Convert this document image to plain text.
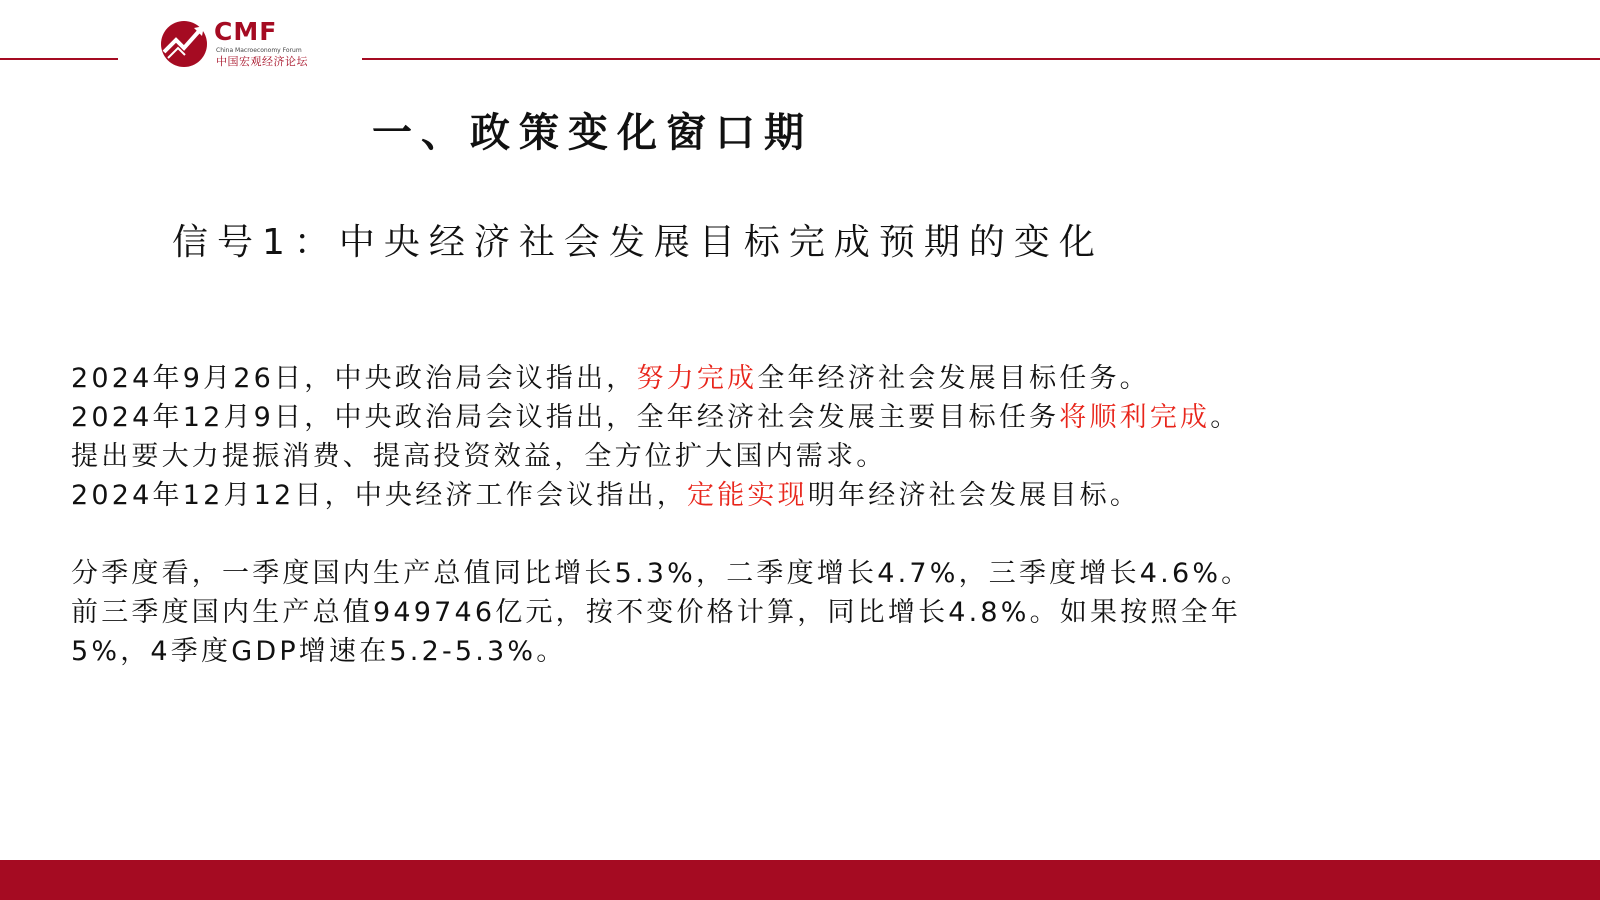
CMF
China Macroeconomy Forum
中国宏观经济论坛
一、政策变化窗口期
信号1：中央经济社会发展目标完成预期的变化
2024年9月26日，中央政治局会议指出，努力完成全年经济社会发展目标任务。
2024年12月9日，中央政治局会议指出，全年经济社会发展主要目标任务将顺利完成。
提出要大力提振消费、提高投资效益，全方位扩大国内需求。
2024年12月12日，中央经济工作会议指出，定能实现明年经济社会发展目标。
分季度看，一季度国内生产总值同比增长5.3%，二季度增长4.7%，三季度增长4.6%。
前三季度国内生产总值949746亿元，按不变价格计算，同比增长4.8%。如果按照全年
5%，4季度GDP增速在5.2-5.3%。
